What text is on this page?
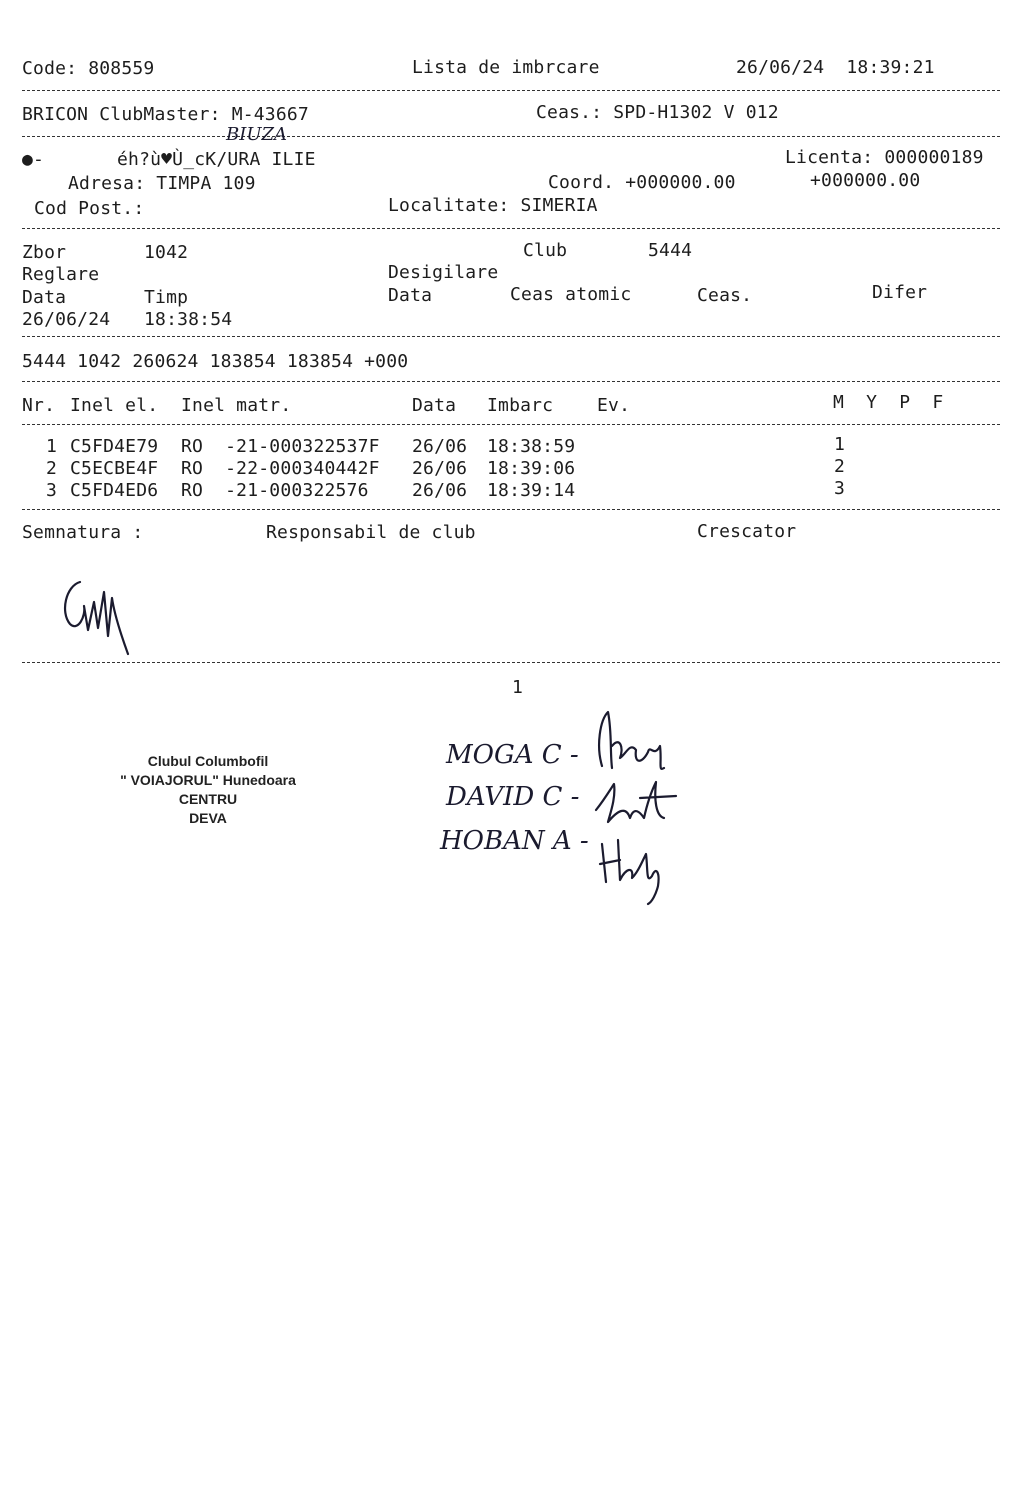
Code: 808559	Lista de imbrcare	26/06/24  18:39:21
BRICON ClubMaster: M-43667	Ceas.: SPD-H1302 V 012
BIUZA
●-	éh?ù♥Ù_cK/URA ILIE	Licenta: 000000189
Adresa: TIMPA 109	Coord. +000000.00	+000000.00
Cod Post.:	Localitate: SIMERIA
Zbor	1042	Club	5444
Reglare	Desigilare
Data	Timp	Data	Ceas atomic	Ceas.	Difer
26/06/24 18:38:54
5444 1042 260624 183854 183854 +000
Nr. Inel el. Inel matr.	Data Imbarc Ev.	M  Y  P  F
1 C5FD4E79 RO  -21-000322537F 26/06 18:38:59	1
2 C5ECBE4F RO  -22-000340442F 26/06 18:39:06	2
3 C5FD4ED6 RO  -21-000322576 26/06 18:39:14	3
Semnatura :	Responsabil de club	Crescator
1
Clubul Columbofil
" VOIAJORUL" Hunedoara
CENTRU
DEVA
MOGA C -
DAVID C -
HOBAN A -
